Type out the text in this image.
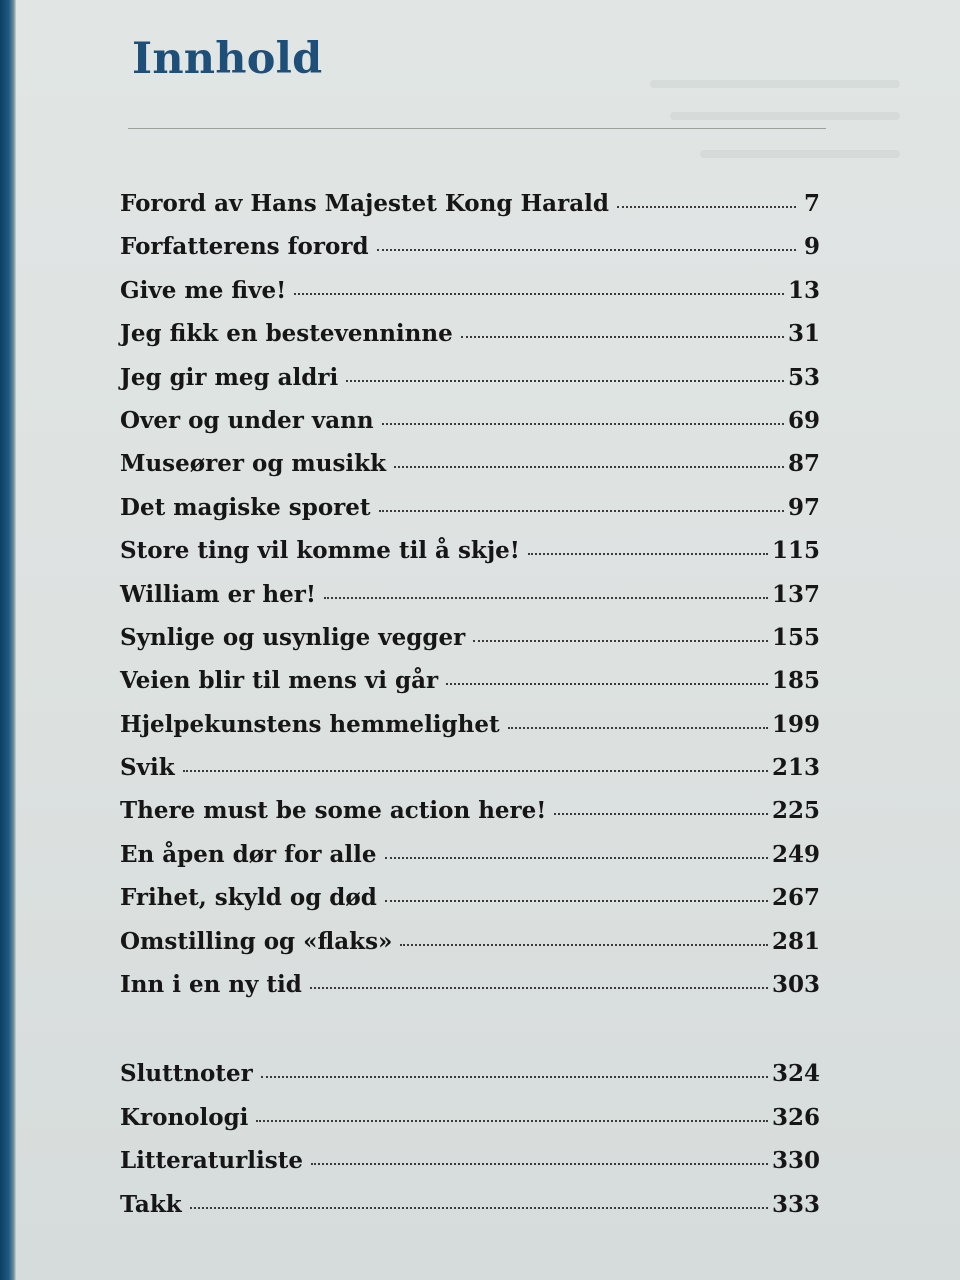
Innhold
Forord av Hans Majestet Kong Harald	7
Forfatterens forord	9
Give me five!	13
Jeg fikk en bestevenninne	31
Jeg gir meg aldri	53
Over og under vann	69
Museører og musikk	87
Det magiske sporet	97
Store ting vil komme til å skje!	115
William er her!	137
Synlige og usynlige vegger	155
Veien blir til mens vi går	185
Hjelpekunstens hemmelighet	199
Svik	213
There must be some action here!	225
En åpen dør for alle	249
Frihet, skyld og død	267
Omstilling og «flaks»	281
Inn i en ny tid	303
Sluttnoter	324
Kronologi	326
Litteraturliste	330
Takk	333
